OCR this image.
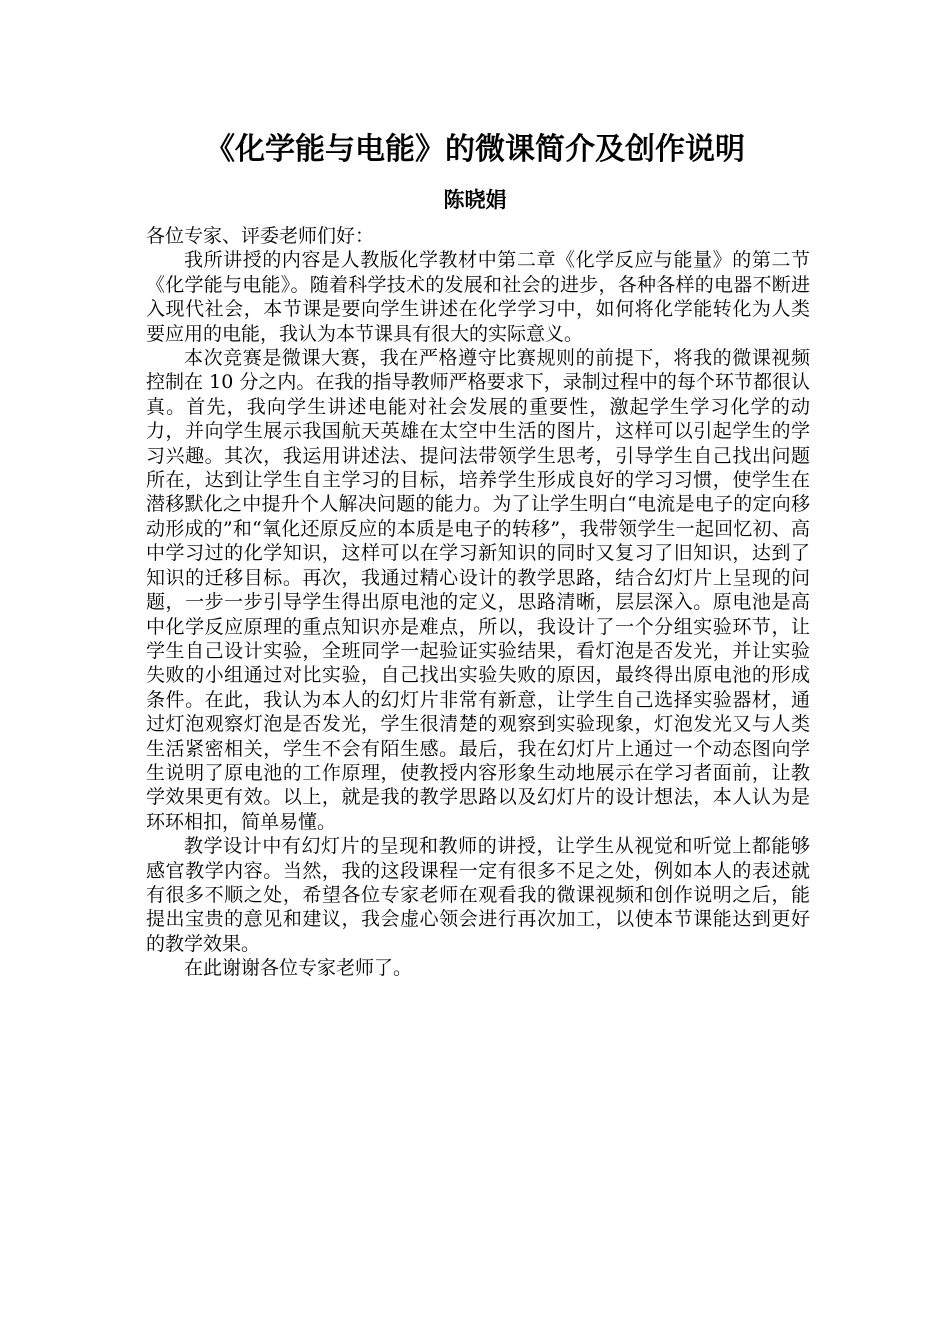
《化学能与电能》的微课简介及创作说明
陈晓娟

各位专家、评委老师们好：

我所讲授的内容是人教版化学教材中第二章《化学反应与能量》的第二节《化学能与电能》。随着科学技术的发展和社会的进步，各种各样的电器不断进入现代社会，本节课是要向学生讲述在化学学习中，如何将化学能转化为人类要应用的电能，我认为本节课具有很大的实际意义。

本次竞赛是微课大赛，我在严格遵守比赛规则的前提下，将我的微课视频控制在 10 分之内。在我的指导教师严格要求下，录制过程中的每个环节都很认真。首先，我向学生讲述电能对社会发展的重要性，激起学生学习化学的动力，并向学生展示我国航天英雄在太空中生活的图片，这样可以引起学生的学习兴趣。其次，我运用讲述法、提问法带领学生思考，引导学生自己找出问题所在，达到让学生自主学习的目标，培养学生形成良好的学习习惯，使学生在潜移默化之中提升个人解决问题的能力。为了让学生明白“电流是电子的定向移动形成的”和“氧化还原反应的本质是电子的转移”，我带领学生一起回忆初、高中学习过的化学知识，这样可以在学习新知识的同时又复习了旧知识，达到了知识的迁移目标。再次，我通过精心设计的教学思路，结合幻灯片上呈现的问题，一步一步引导学生得出原电池的定义，思路清晰，层层深入。原电池是高中化学反应原理的重点知识亦是难点，所以，我设计了一个分组实验环节，让学生自己设计实验，全班同学一起验证实验结果，看灯泡是否发光，并让实验失败的小组通过对比实验，自己找出实验失败的原因，最终得出原电池的形成条件。在此，我认为本人的幻灯片非常有新意，让学生自己选择实验器材，通过灯泡观察灯泡是否发光，学生很清楚的观察到实验现象，灯泡发光又与人类生活紧密相关，学生不会有陌生感。最后，我在幻灯片上通过一个动态图向学生说明了原电池的工作原理，使教授内容形象生动地展示在学习者面前，让教学效果更有效。以上，就是我的教学思路以及幻灯片的设计想法，本人认为是环环相扣，简单易懂。

教学设计中有幻灯片的呈现和教师的讲授，让学生从视觉和听觉上都能够感官教学内容。当然，我的这段课程一定有很多不足之处，例如本人的表述就有很多不顺之处，希望各位专家老师在观看我的微课视频和创作说明之后，能提出宝贵的意见和建议，我会虚心领会进行再次加工，以使本节课能达到更好的教学效果。

在此谢谢各位专家老师了。
